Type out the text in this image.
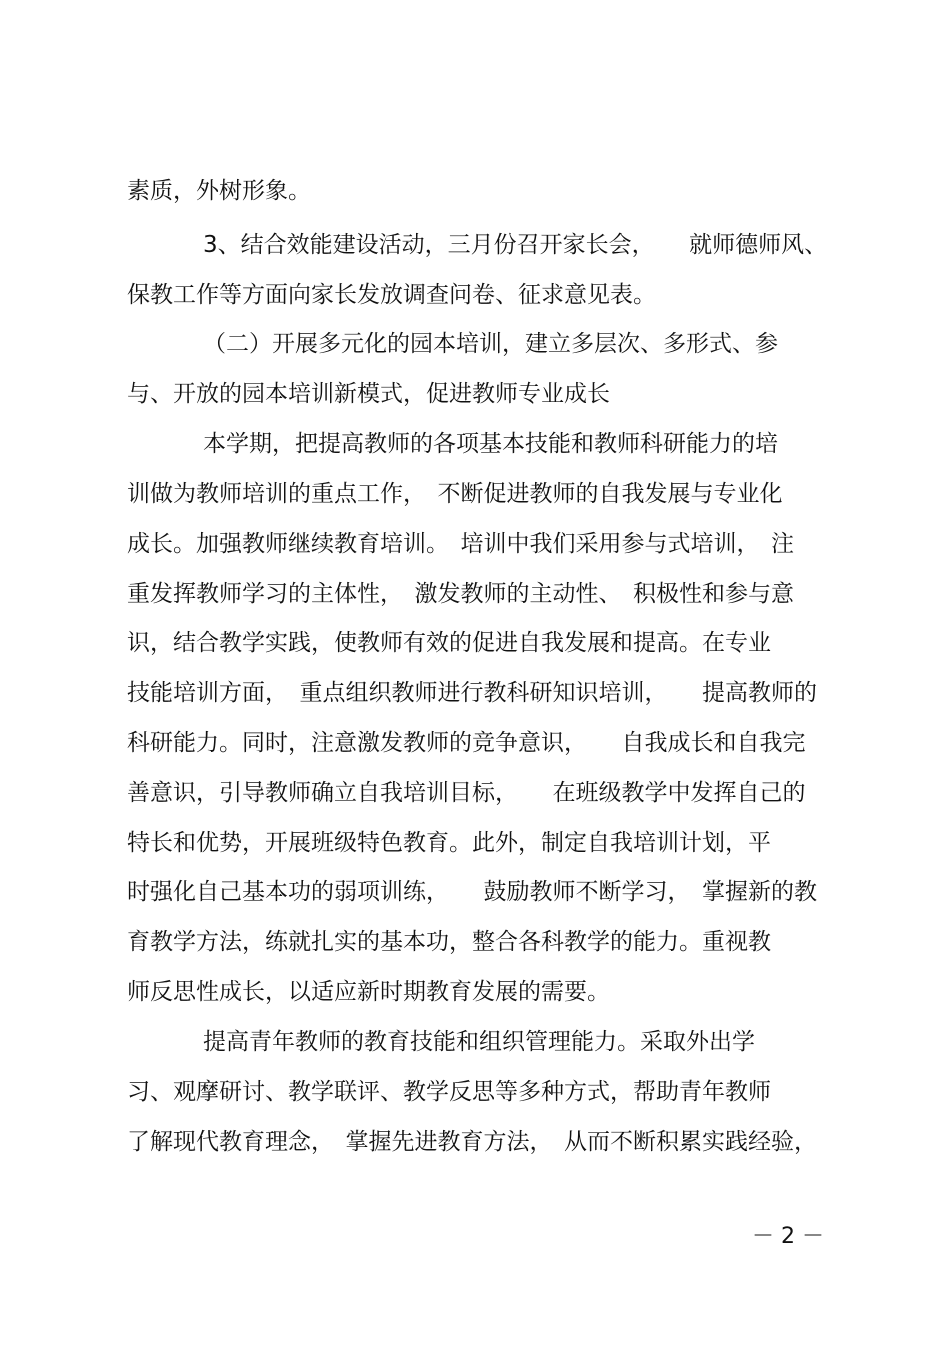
素质，外树形象。
3、结合效能建设活动，三月份召开家长会，　　就师德师风、
保教工作等方面向家长发放调查问卷、征求意见表。
（二）开展多元化的园本培训，建立多层次、多形式、参
与、开放的园本培训新模式，促进教师专业成长
本学期，把提高教师的各项基本技能和教师科研能力的培
训做为教师培训的重点工作，　不断促进教师的自我发展与专业化
成长。加强教师继续教育培训。　培训中我们采用参与式培训，　注
重发挥教师学习的主体性，　激发教师的主动性、　积极性和参与意
识，结合教学实践，使教师有效的促进自我发展和提高。在专业
技能培训方面，　重点组织教师进行教科研知识培训，　　提高教师的
科研能力。同时，注意激发教师的竞争意识，　　自我成长和自我完
善意识，引导教师确立自我培训目标，　　在班级教学中发挥自己的
特长和优势，开展班级特色教育。此外，制定自我培训计划，平
时强化自己基本功的弱项训练，　　鼓励教师不断学习，　掌握新的教
育教学方法，练就扎实的基本功，整合各科教学的能力。重视教
师反思性成长，以适应新时期教育发展的需要。
提高青年教师的教育技能和组织管理能力。采取外出学
习、观摩研讨、教学联评、教学反思等多种方式，帮助青年教师
了解现代教育理念，　掌握先进教育方法，　从而不断积累实践经验，
－ 2 －
